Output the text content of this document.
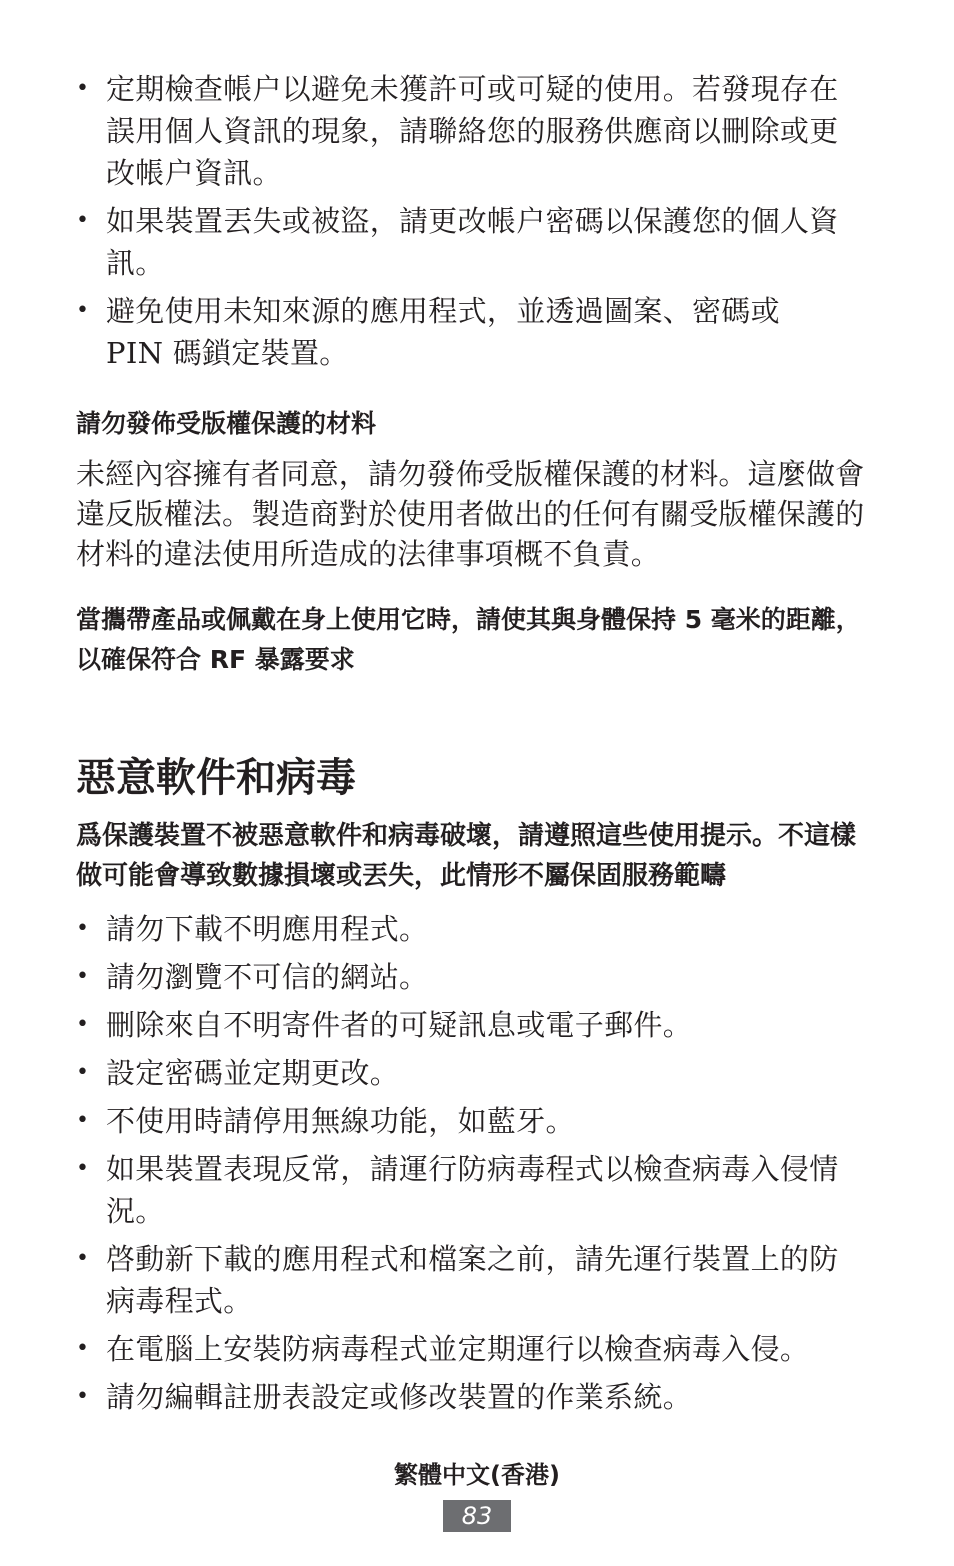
• 定期檢查帳户以避免未獲許可或可疑的使用。若發現存在誤用個人資訊的現象，請聯絡您的服務供應商以刪除或更改帳户資訊。
• 如果裝置丟失或被盜，請更改帳户密碼以保護您的個人資訊。
• 避免使用未知來源的應用程式，並透過圖案、密碼或 PIN 碼鎖定裝置。
請勿發佈受版權保護的材料

未經內容擁有者同意，請勿發佈受版權保護的材料。這麼做會違反版權法。製造商對於使用者做出的任何有關受版權保護的材料的違法使用所造成的法律事項概不負責。

當攜帶產品或佩戴在身上使用它時，請使其與身體保持 5 毫米的距離，以確保符合 RF 暴露要求
惡意軟件和病毒

爲保護裝置不被惡意軟件和病毒破壞，請遵照這些使用提示。不這樣做可能會導致數據損壞或丟失，此情形不屬保固服務範疇

• 請勿下載不明應用程式。
• 請勿瀏覽不可信的網站。
• 刪除來自不明寄件者的可疑訊息或電子郵件。
• 設定密碼並定期更改。
• 不使用時請停用無線功能，如藍牙。
• 如果裝置表現反常，請運行防病毒程式以檢查病毒入侵情況。
• 啓動新下載的應用程式和檔案之前，請先運行裝置上的防病毒程式。
• 在電腦上安裝防病毒程式並定期運行以檢查病毒入侵。
• 請勿編輯註册表設定或修改裝置的作業系統。
繁體中文(香港)
83
